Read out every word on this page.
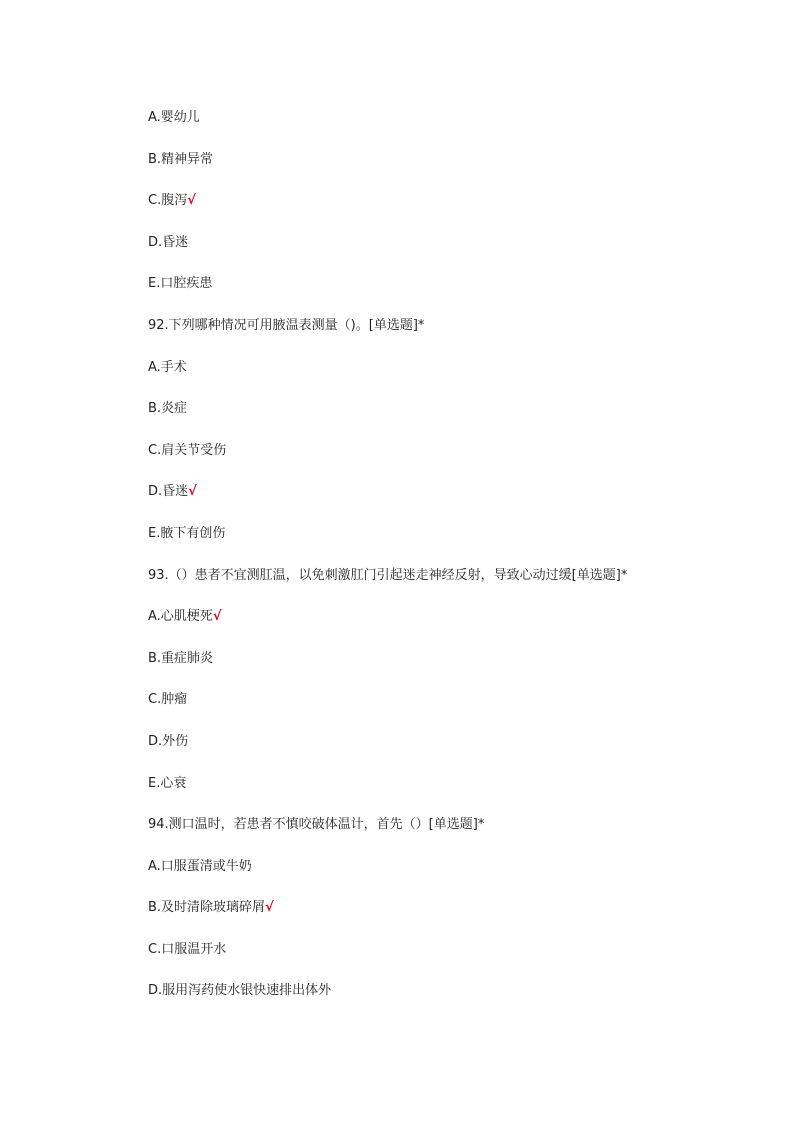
A.婴幼儿
B.精神异常
C.腹泻√
D.昏迷
E.口腔疾患
92.下列哪种情况可用腋温表测量（)。[单选题]*
A.手术
B.炎症
C.肩关节受伤
D.昏迷√
E.腋下有创伤
93.（）患者不宜测肛温，以免刺激肛门引起迷走神经反射，导致心动过缓[单选题]*
A.心肌梗死√
B.重症肺炎
C.肿瘤
D.外伤
E.心衰
94.测口温时，若患者不慎咬破体温计，首先（）[单选题]*
A.口服蛋清或牛奶
B.及时清除玻璃碎屑√
C.口服温开水
D.服用泻药使水银快速排出体外
